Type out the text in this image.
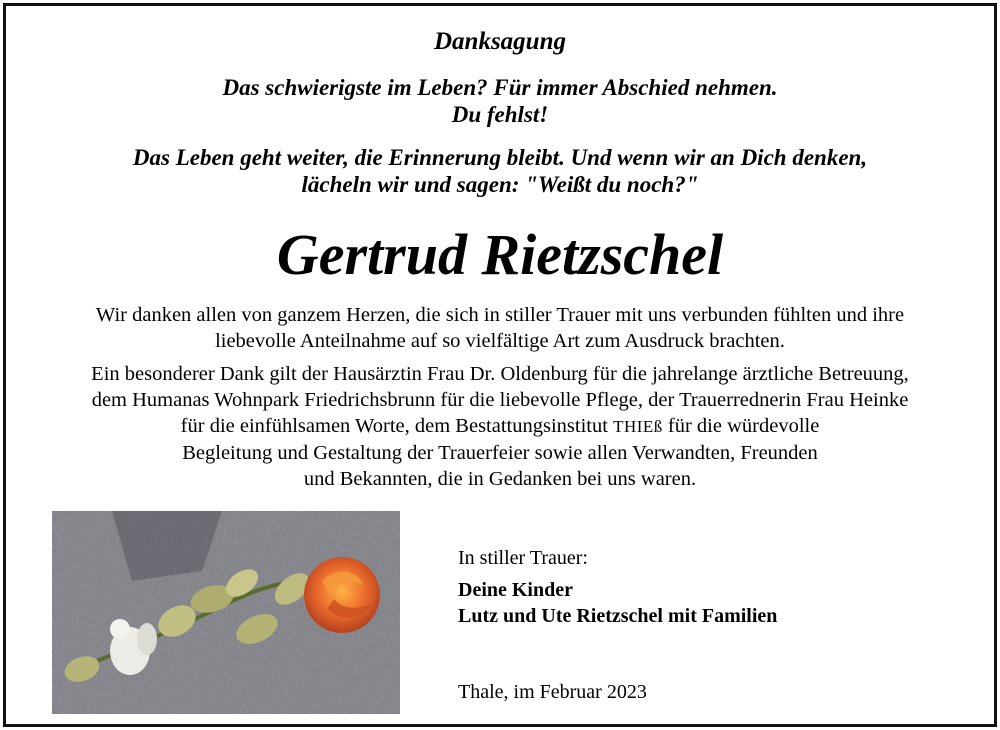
Danksagung
Das schwierigste im Leben? Für immer Abschied nehmen.
Du fehlst!
Das Leben geht weiter, die Erinnerung bleibt. Und wenn wir an Dich denken,
lächeln wir und sagen: "Weißt du noch?"
Gertrud Rietzschel
Wir danken allen von ganzem Herzen, die sich in stiller Trauer mit uns verbunden fühlten und ihre
liebevolle Anteilnahme auf so vielfältige Art zum Ausdruck brachten.
Ein besonderer Dank gilt der Hausärztin Frau Dr. Oldenburg für die jahrelange ärztliche Betreuung,
dem Humanas Wohnpark Friedrichsbrunn für die liebevolle Pflege, der Trauerrednerin Frau Heinke
für die einfühlsamen Worte, dem Bestattungsinstitut THIEß für die würdevolle
Begleitung und Gestaltung der Trauerfeier sowie allen Verwandten, Freunden
und Bekannten, die in Gedanken bei uns waren.
In stiller Trauer:
Deine Kinder
Lutz und Ute Rietzschel mit Familien
Thale, im Februar 2023
